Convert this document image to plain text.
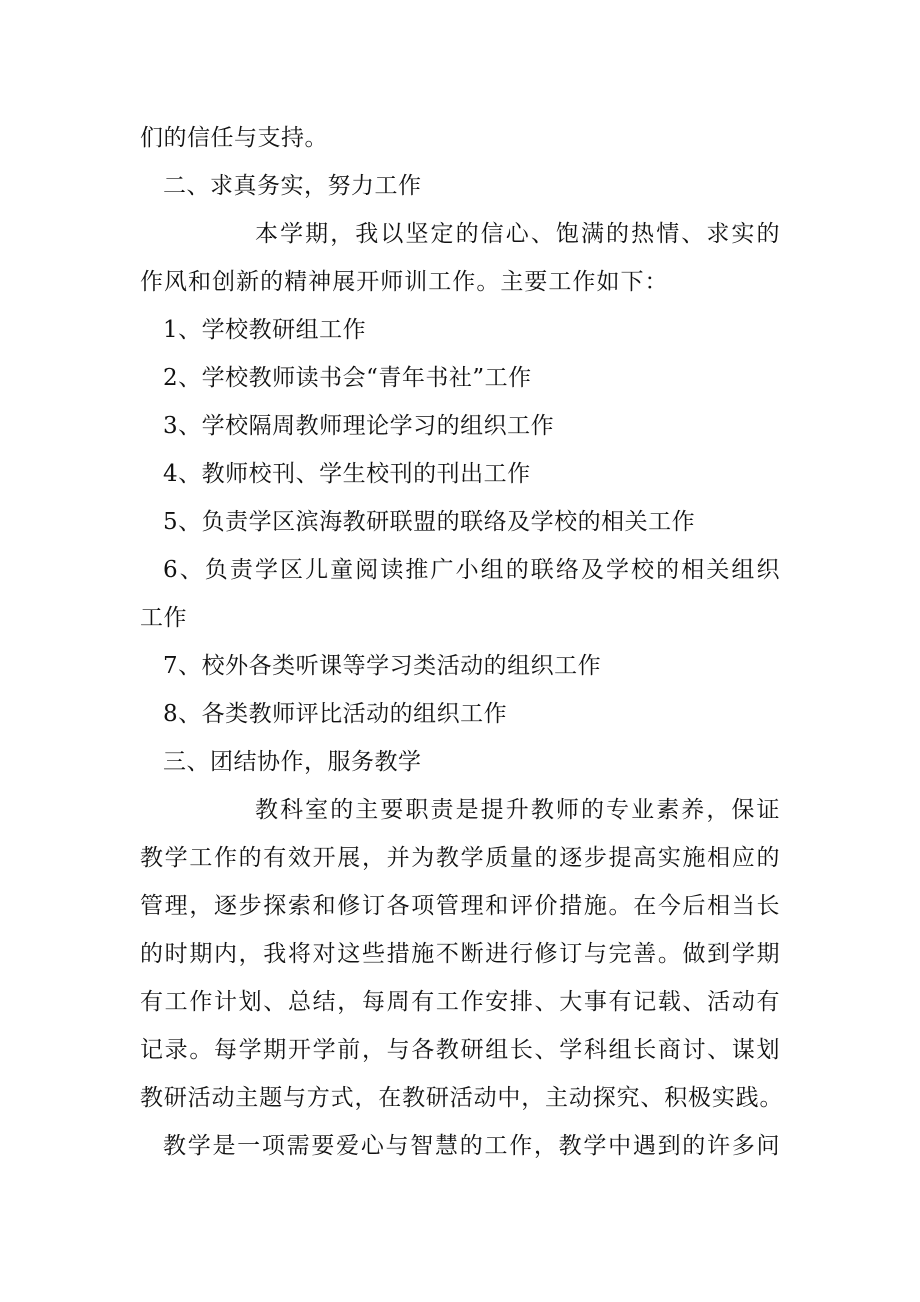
们的信任与支持。
二、求真务实，努力工作
本学期，我以坚定的信心、饱满的热情、求实的
作风和创新的精神展开师训工作。主要工作如下：
1、学校教研组工作
2、学校教师读书会“青年书社”工作
3、学校隔周教师理论学习的组织工作
4、教师校刊、学生校刊的刊出工作
5、负责学区滨海教研联盟的联络及学校的相关工作
6、负责学区儿童阅读推广小组的联络及学校的相关组织
工作
7、校外各类听课等学习类活动的组织工作
8、各类教师评比活动的组织工作
三、团结协作，服务教学
教科室的主要职责是提升教师的专业素养，保证
教学工作的有效开展，并为教学质量的逐步提高实施相应的
管理，逐步探索和修订各项管理和评价措施。在今后相当长
的时期内，我将对这些措施不断进行修订与完善。做到学期
有工作计划、总结，每周有工作安排、大事有记载、活动有
记录。每学期开学前，与各教研组长、学科组长商讨、谋划
教研活动主题与方式，在教研活动中，主动探究、积极实践。
教学是一项需要爱心与智慧的工作，教学中遇到的许多问
